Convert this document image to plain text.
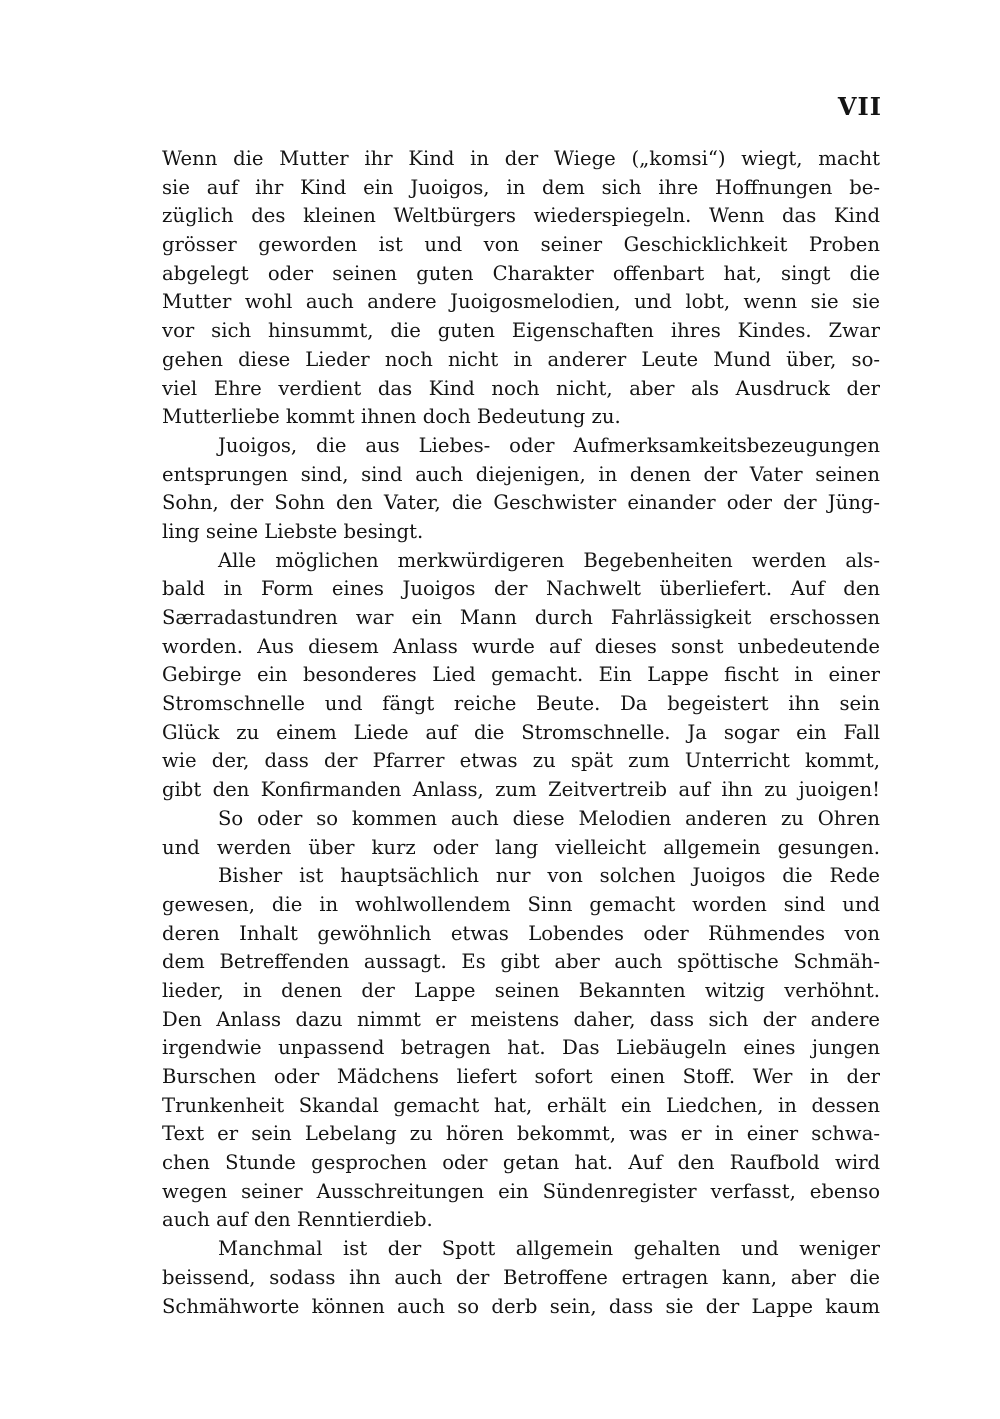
VII
Wenn die Mutter ihr Kind in der Wiege („komsi“) wiegt, macht
sie auf ihr Kind ein Juoigos, in dem sich ihre Hoffnungen be-
züglich des kleinen Weltbürgers wiederspiegeln. Wenn das Kind
grösser geworden ist und von seiner Geschicklichkeit Proben
abgelegt oder seinen guten Charakter offenbart hat, singt die
Mutter wohl auch andere Juoigosmelodien, und lobt, wenn sie sie
vor sich hinsummt, die guten Eigenschaften ihres Kindes. Zwar
gehen diese Lieder noch nicht in anderer Leute Mund über, so-
viel Ehre verdient das Kind noch nicht, aber als Ausdruck der
Mutterliebe kommt ihnen doch Bedeutung zu.
Juoigos, die aus Liebes- oder Aufmerksamkeitsbezeugungen
entsprungen sind, sind auch diejenigen, in denen der Vater seinen
Sohn, der Sohn den Vater, die Geschwister einander oder der Jüng-
ling seine Liebste besingt.
Alle möglichen merkwürdigeren Begebenheiten werden als-
bald in Form eines Juoigos der Nachwelt überliefert. Auf den
Særradastundren war ein Mann durch Fahrlässigkeit erschossen
worden. Aus diesem Anlass wurde auf dieses sonst unbedeutende
Gebirge ein besonderes Lied gemacht. Ein Lappe fischt in einer
Stromschnelle und fängt reiche Beute. Da begeistert ihn sein
Glück zu einem Liede auf die Stromschnelle. Ja sogar ein Fall
wie der, dass der Pfarrer etwas zu spät zum Unterricht kommt,
gibt den Konfirmanden Anlass, zum Zeitvertreib auf ihn zu juoigen!
So oder so kommen auch diese Melodien anderen zu Ohren
und werden über kurz oder lang vielleicht allgemein gesungen.
Bisher ist hauptsächlich nur von solchen Juoigos die Rede
gewesen, die in wohlwollendem Sinn gemacht worden sind und
deren Inhalt gewöhnlich etwas Lobendes oder Rühmendes von
dem Betreffenden aussagt. Es gibt aber auch spöttische Schmäh-
lieder, in denen der Lappe seinen Bekannten witzig verhöhnt.
Den Anlass dazu nimmt er meistens daher, dass sich der andere
irgendwie unpassend betragen hat. Das Liebäugeln eines jungen
Burschen oder Mädchens liefert sofort einen Stoff. Wer in der
Trunkenheit Skandal gemacht hat, erhält ein Liedchen, in dessen
Text er sein Lebelang zu hören bekommt, was er in einer schwa-
chen Stunde gesprochen oder getan hat. Auf den Raufbold wird
wegen seiner Ausschreitungen ein Sündenregister verfasst, ebenso
auch auf den Renntierdieb.
Manchmal ist der Spott allgemein gehalten und weniger
beissend, sodass ihn auch der Betroffene ertragen kann, aber die
Schmähworte können auch so derb sein, dass sie der Lappe kaum
